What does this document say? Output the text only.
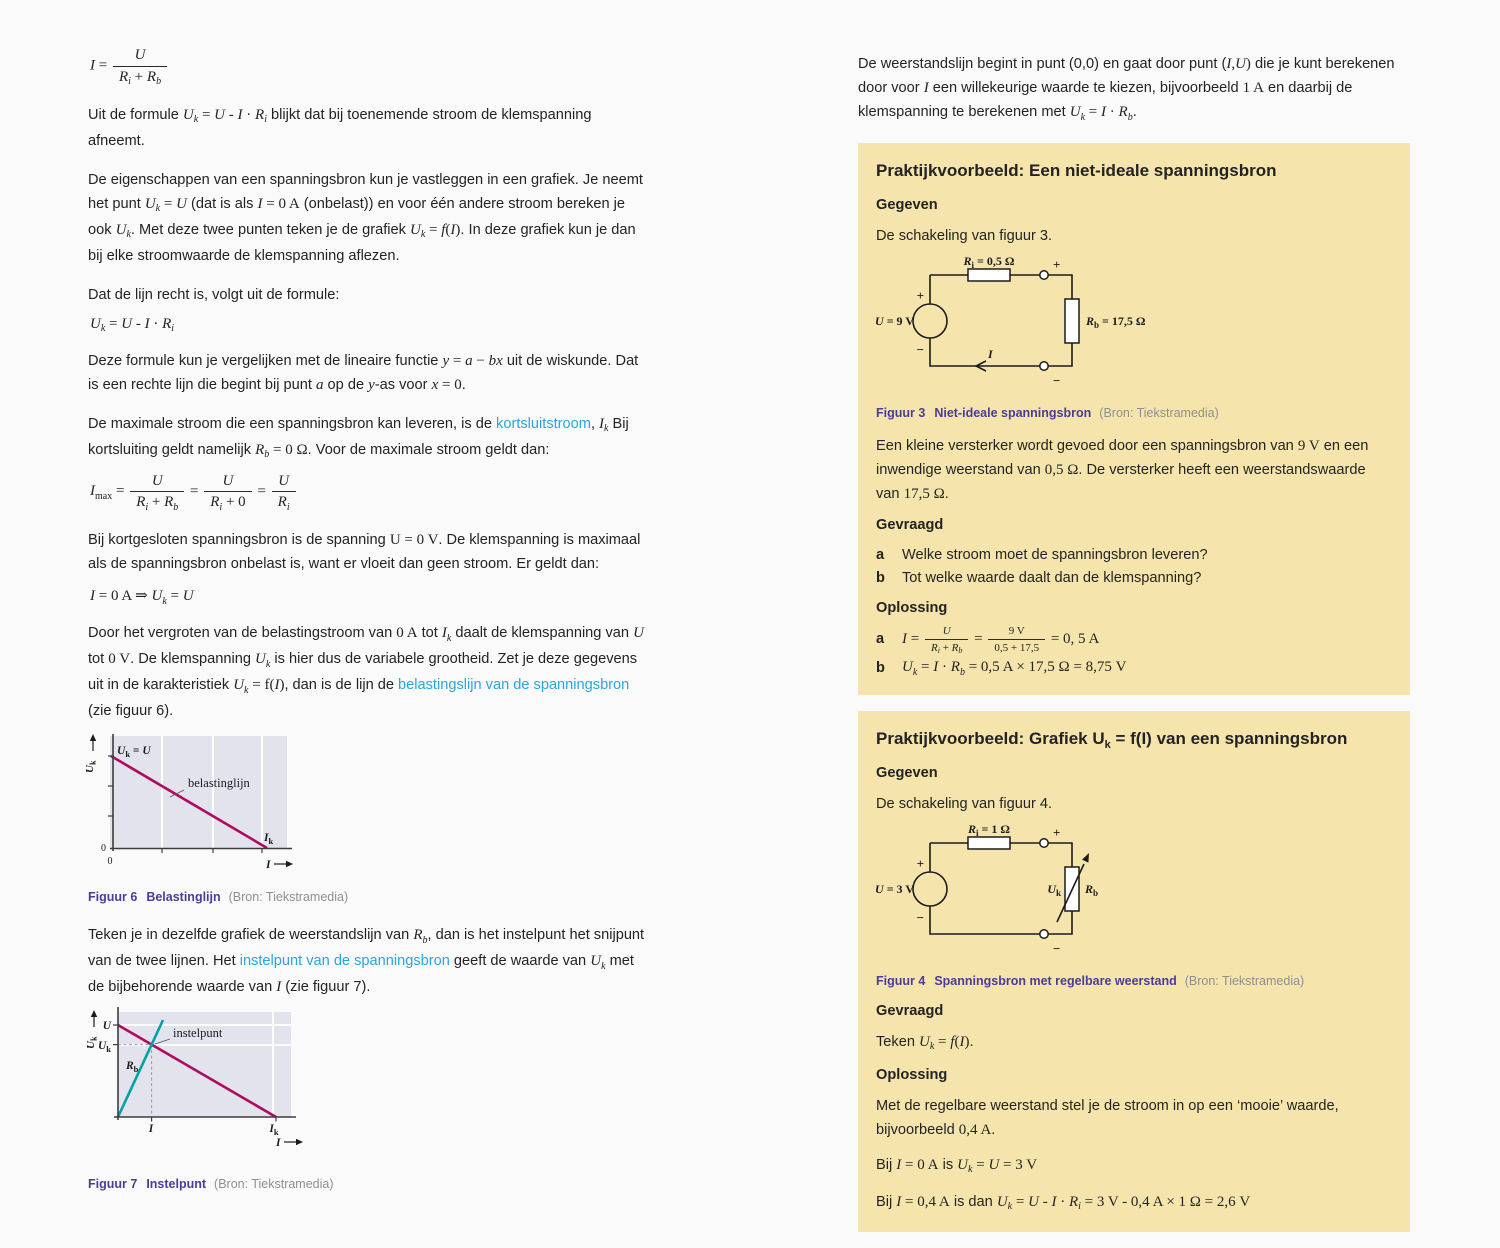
$I = \frac{U}{R_i + R_b}$

Uit de formule $U_k = U - I \cdot R_i$ blijkt dat bij toenemende stroom de klemspanning afneemt.

De eigenschappen van een spanningsbron kun je vastleggen in een grafiek. Je neemt het punt $U_k = U$ (dat is als I = 0 A (onbelast)) en voor één andere stroom bereken je ook $U_k$. Met deze twee punten teken je de grafiek $U_k = f(I)$. In deze grafiek kun je dan bij elke stroomwaarde de klemspanning aflezen.

Dat de lijn recht is, volgt uit de formule:

$U_k = U - I \cdot R_i$

Deze formule kun je vergelijken met de lineaire functie y = a − bx uit de wiskunde. Dat is een rechte lijn die begint bij punt a op de y-as voor x = 0.

De maximale stroom die een spanningsbron kan leveren, is de kortsluitstroom, $I_k$ Bij kortsluiting geldt namelijk $R_b = 0$ Ω. Voor de maximale stroom geldt dan:

$I_{max} = \frac{U}{R_i + R_b} = \frac{U}{R_i + 0} = \frac{U}{R_i}$

Bij kortgesloten spanningsbron is de spanning U = 0 V. De klemspanning is maximaal als de spanningsbron onbelast is, want er vloeit dan geen stroom. Er geldt dan:

I = 0 A ⇒ $U_k = U$

Door het vergroten van de belastingstroom van 0 A tot $I_k$ daalt de klemspanning van U tot 0 V. De klemspanning $U_k$ is hier dus de variabele grootheid. Zet je deze gegevens uit in de karakteristiek $U_k = f(I)$, dan is de lijn de belastingslijn van de spanningsbron (zie figuur 6).

$U_k = U$
belastinglijn
$I_k$
0
0
$U_k$
I

Figuur 6 Belastinglijn (Bron: Tiekstramedia)

Teken je in dezelfde grafiek de weerstandslijn van $R_b$, dan is het instelpunt het snijpunt van de twee lijnen. Het instelpunt van de spanningsbron geeft de waarde van $U_k$ met de bijbehorende waarde van I (zie figuur 7).

U
$U_k$
$R_b$
instelpunt
I	$I_k$
$U_k$
I

Figuur 7 Instelpunt (Bron: Tiekstramedia)

De weerstandslijn begint in punt (0,0) en gaat door punt (I,U) die je kunt berekenen door voor I een willekeurige waarde te kiezen, bijvoorbeeld 1 A en daarbij de klemspanning te berekenen met $U_k = I \cdot R_b$.

Praktijkvoorbeeld: Een niet-ideale spanningsbron
Gegeven

De schakeling van figuur 3.

$R_i = 0,5$ Ω	+
$R_b = 17,5$ Ω
I
−
+
−
U = 9 V

Figuur 3 Niet-ideale spanningsbron (Bron: Tiekstramedia)

Een kleine versterker wordt gevoed door een spanningsbron van 9 V en een inwendige weerstand van 0,5 Ω. De versterker heeft een weerstandswaarde van 17,5 Ω.

Gevraagd
a	Welke stroom moet de spanningsbron leveren?
b	Tot welke waarde daalt dan de klemspanning?
Oplossing
a	$I = \frac{U}{Ri + Rb} = \frac{9 V}{0,5 + 17,5} = 0$, 5 A
b	$U_k = I \cdot R_b = 0,5$ A × 17,5 Ω = 8,75 V
Praktijkvoorbeeld: Grafiek $U_k = f(I)$ van een spanningsbron
Gegeven

De schakeling van figuur 4.

$R_i = 1$ Ω	+
$U_k$ $R_b$
−
+
−
U = 3 V

Figuur 4 Spanningsbron met regelbare weerstand (Bron: Tiekstramedia)

Gevraagd

Teken $U_k = f(I)$.

Oplossing

Met de regelbare weerstand stel je de stroom in op een ‘mooie’ waarde, bijvoorbeeld 0,4 A.

Bij I = 0 A is $U_k = U = 3$ V

Bij I = 0,4 A is dan $U_k = U - I \cdot R_i = 3$ V - 0,4 A × 1 Ω = 2,6 V
